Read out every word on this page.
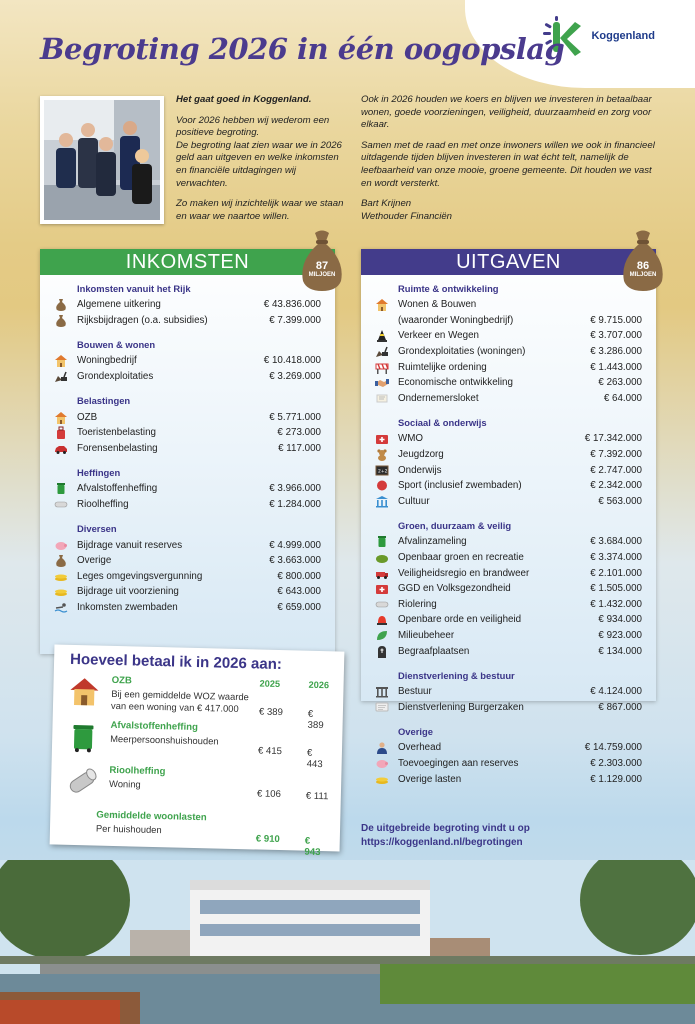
Koggenland
Begroting 2026 in één oogopslag

Het gaat goed in Koggenland.

Voor 2026 hebben wij wederom een positieve begroting.

De begroting laat zien waar we in 2026 geld aan uitgeven en welke inkomsten en financiële uitdagingen wij verwachten.

Zo maken wij inzichtelijk waar we staan en waar we naartoe willen.

Ook in 2026 houden we koers en blijven we investeren in betaalbaar wonen, goede voorzieningen, veiligheid, duurzaamheid en zorg voor elkaar.

Samen met de raad en met onze inwoners willen we ook in financieel uitdagende tijden blijven investeren in wat écht telt, namelijk de leefbaarheid van onze mooie, groene gemeente. Dit houden we vast en wordt versterkt.

Bart Krijnen

Wethouder Financiën

INKOMSTEN	87
MILJOEN
Inkomsten vanuit het Rijk
Algemene uitkering	€ 43.836.000
Rijksbijdragen (o.a. subsidies)	€ 7.399.000
Bouwen & wonen
Woningbedrijf	€ 10.418.000
Grondexploitaties	€ 3.269.000
Belastingen
OZB	€ 5.771.000
Toeristenbelasting	€ 273.000
Forensenbelasting	€ 117.000
Heffingen
Afvalstoffenheffing	€ 3.966.000
Rioolheffing	€ 1.284.000
Diversen
Bijdrage vanuit reserves	€ 4.999.000
Overige	€ 3.663.000
Leges omgevingsvergunning	€ 800.000
Bijdrage uit voorziening	€ 643.000
Inkomsten zwembaden	€ 659.000
UITGAVEN	86
MILJOEN
Ruimte & ontwikkeling
Wonen & Bouwen
(waaronder Woningbedrijf)	€ 9.715.000
Verkeer en Wegen	€ 3.707.000
Grondexploitaties (woningen)	€ 3.286.000
Ruimtelijke ordening	€ 1.443.000
Economische ontwikkeling	€ 263.000
Ondernemersloket	€ 64.000
Sociaal & onderwijs
WMO	€ 17.342.000
Jeugdzorg	€ 7.392.000
2+2 Onderwijs	€ 2.747.000
Sport (inclusief zwembaden)	€ 2.342.000
Cultuur	€ 563.000
Groen, duurzaam & veilig
Afvalinzameling	€ 3.684.000
Openbaar groen en recreatie	€ 3.374.000
Veiligheidsregio en brandweer	€ 2.101.000
GGD en Volksgezondheid	€ 1.505.000
Riolering	€ 1.432.000
Openbare orde en veiligheid	€ 934.000
Milieubeheer	€ 923.000
Begraafplaatsen	€ 134.000
Dienstverlening & bestuur
Bestuur	€ 4.124.000
Dienstverlening Burgerzaken	€ 867.000
Overige
Overhead	€ 14.759.000
Toevoegingen aan reserves	€ 2.303.000
Overige lasten	€ 1.129.000
De uitgebreide begroting vindt u op
https://koggenland.nl/begrotingen
Hoeveel betaal ik in 2026 aan:
OZB	2025	2026
Bij een gemiddelde WOZ waarde van een woning van € 417.000	€ 389	€ 389
Afvalstoffenheffing
Meerpersoonshuishouden
€ 415	€ 443
Rioolheffing
Woning
€ 106	€ 111
Gemiddelde woonlasten
Per huishouden
€ 910	€ 943
